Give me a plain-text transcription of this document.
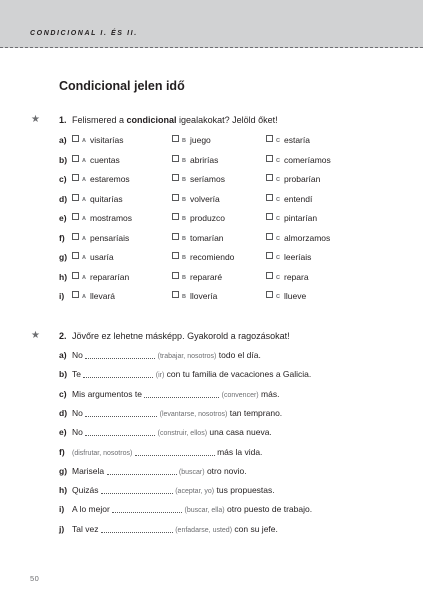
CONDICIONAL I. ÉS II.
Condicional jelen idő
★ 1. Felismered a condicional igealakokat? Jelöld őket!
a)	A visitarías	B juego	C estaría
b)	A cuentas	B abrirías	C comeríamos
c)	A estaremos	B seríamos	C probarían
d)	A quitarías	B volvería	C entendí
e)	A mostramos	B produzco	C pintarían
f)	A pensaríais	B tomarían	C almorzamos
g)	A usaría	B recomiendo	C leeríais
h)	A repararían	B repararé	C repara
i)	A llevará	B llovería	C llueve
★ 2. Jövőre ez lehetne másképp. Gyakorold a ragozásokat!
a) No	(trabajar, nosotros) todo el día.
b) Te	(ir) con tu familia de vacaciones a Galicia.
c) Mis argumentos te	(convencer) más.
d) No	(levantarse, nosotros) tan temprano.
e) No	(construir, ellos) una casa nueva.
f) (disfrutar, nosotros)	más la vida.
g) Marisela	(buscar) otro novio.
h) Quizás	(aceptar, yo) tus propuestas.
i) A lo mejor	(buscar, ella) otro puesto de trabajo.
j) Tal vez	(enfadarse, usted) con su jefe.
50
